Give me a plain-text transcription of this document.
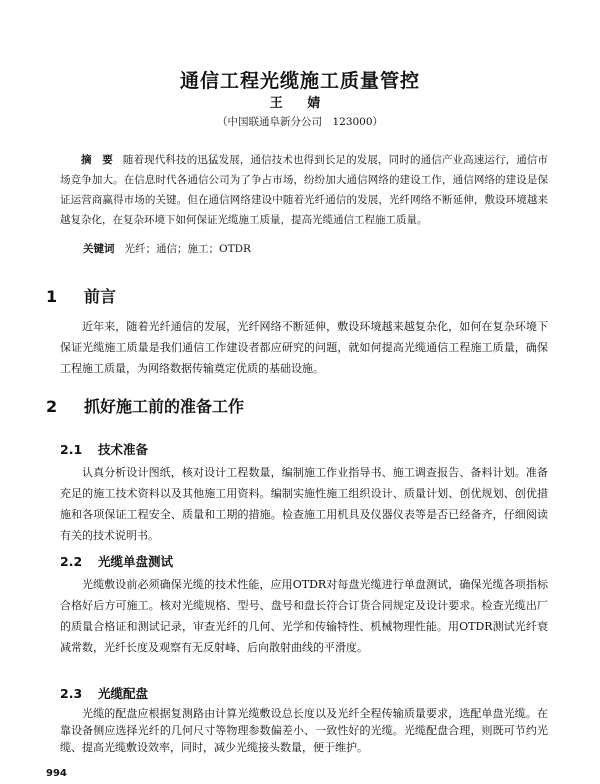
通信工程光缆施工质量管控
王 婧
（中国联通阜新分公司　123000）
摘　要 随着现代科技的迅猛发展，通信技术也得到长足的发展，同时的通信产业高速运行，通信市场竞争加大。在信息时代各通信公司为了争占市场，纷纷加大通信网络的建设工作，通信网络的建设是保证运营商赢得市场的关键。但在通信网络建设中随着光纤通信的发展，光纤网络不断延伸，敷设环境越来越复杂化，在复杂环境下如何保证光缆施工质量，提高光缆通信工程施工质量。
关键词 光纤；通信；施工；OTDR
1 前言
近年来，随着光纤通信的发展，光纤网络不断延伸，敷设环境越来越复杂化，如何在复杂环境下保证光缆施工质量是我们通信工作建设者都应研究的问题，就如何提高光缆通信工程施工质量，确保工程施工质量，为网络数据传输奠定优质的基础设施。
2 抓好施工前的准备工作
2.1 技术准备
认真分析设计图纸，核对设计工程数量，编制施工作业指导书、施工调查报告、备料计划。准备充足的施工技术资料以及其他施工用资料。编制实施性施工组织设计、质量计划、创优规划、创优措施和各项保证工程安全、质量和工期的措施。检查施工用机具及仪器仪表等是否已经备齐，仔细阅读有关的技术说明书。
2.2 光缆单盘测试
光缆敷设前必须确保光缆的技术性能，应用OTDR对每盘光缆进行单盘测试，确保光缆各项指标合格好后方可施工。核对光缆规格、型号、盘号和盘长符合订货合同规定及设计要求。检查光缆出厂的质量合格证和测试记录，审查光纤的几何、光学和传输特性、机械物理性能。用OTDR测试光纤衰减常数，光纤长度及观察有无反射峰、后向散射曲线的平滑度。
2.3 光缆配盘
光缆的配盘应根据复测路由计算光缆敷设总长度以及光纤全程传输质量要求，选配单盘光缆。在靠设备侧应选择光纤的几何尺寸等物理参数偏差小、一致性好的光缆。光缆配盘合理，则既可节约光缆、提高光缆敷设效率，同时，减少光缆接头数量，便于维护。
994
